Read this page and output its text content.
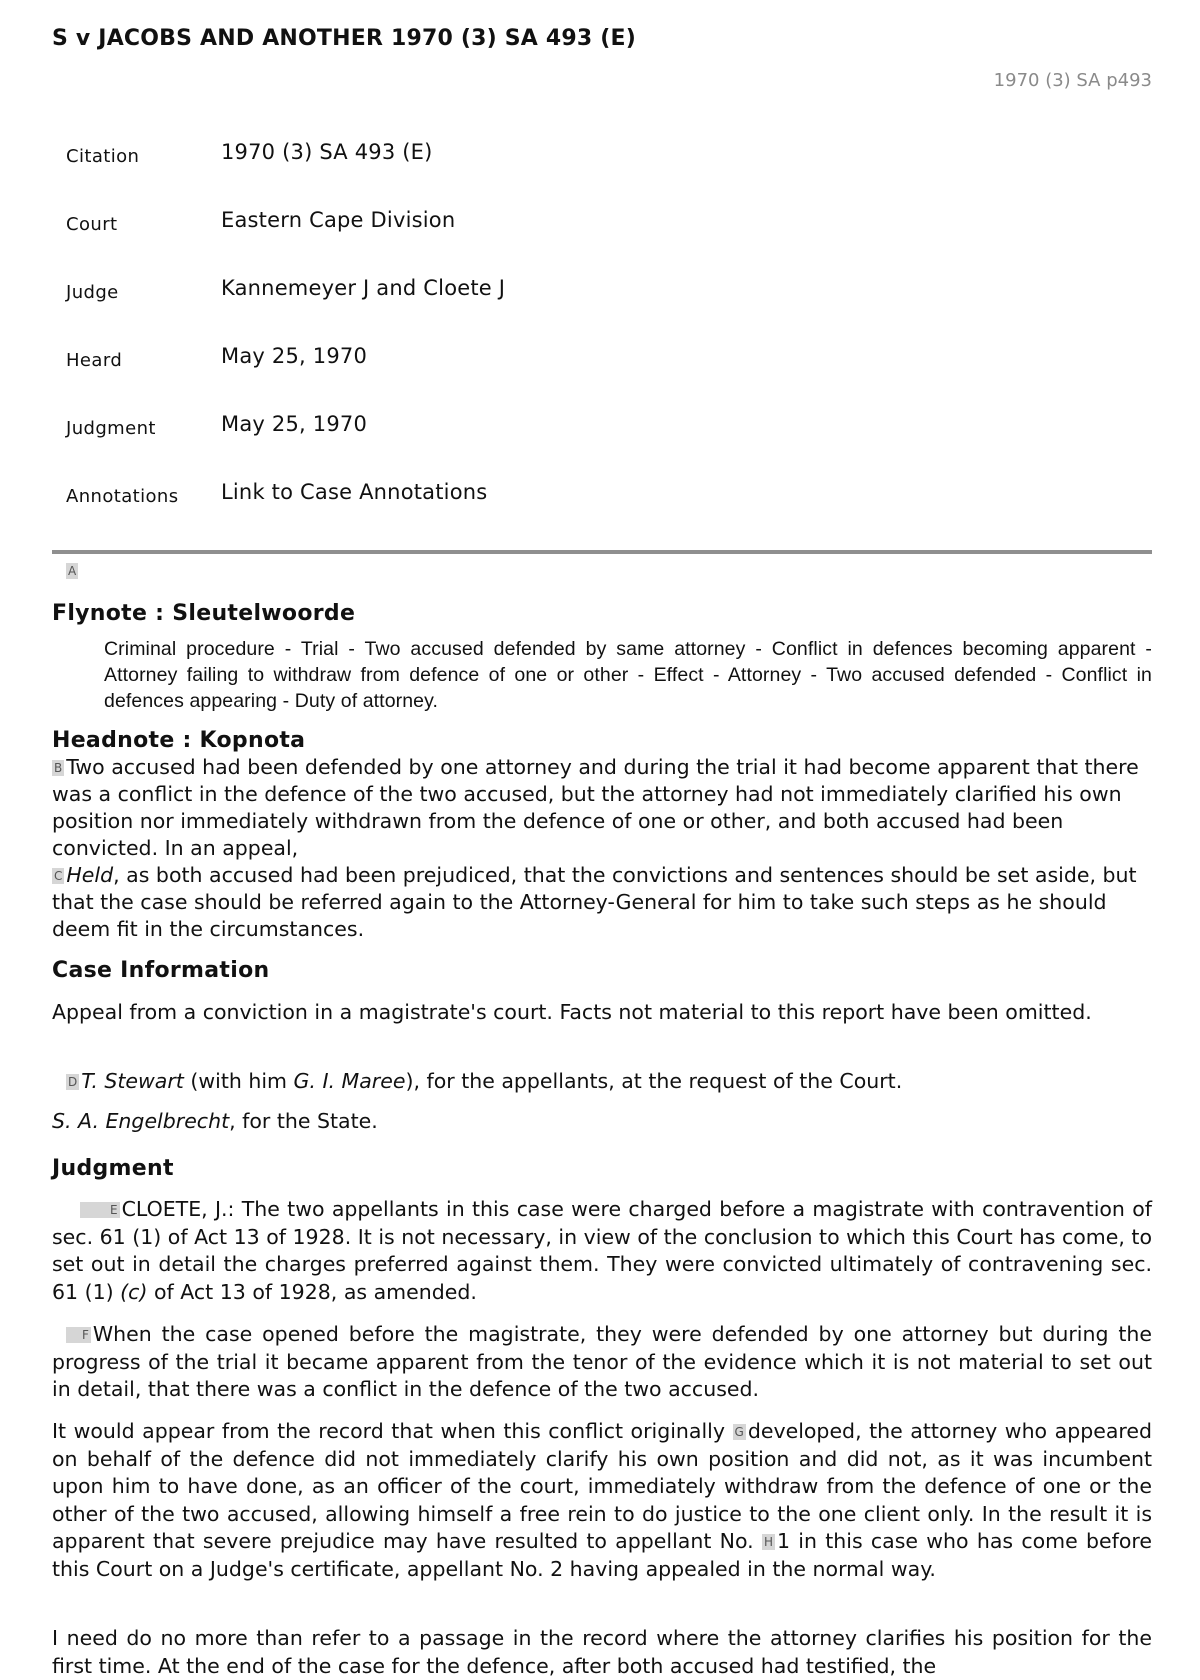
S v JACOBS AND ANOTHER 1970 (3) SA 493 (E)
1970 (3) SA p493
Citation	1970 (3) SA 493 (E)
Court	Eastern Cape Division
Judge	Kannemeyer J and Cloete J
Heard	May 25, 1970
Judgment	May 25, 1970
Annotations	Link to Case Annotations
A
Flynote : Sleutelwoorde
Criminal procedure - Trial - Two accused defended by same attorney - Conflict in defences becoming apparent - Attorney failing to withdraw from defence of one or other - Effect - Attorney - Two accused defended - Conflict in defences appearing - Duty of attorney.
Headnote : Kopnota
B Two accused had been defended by one attorney and during the trial it had become apparent that there was a conflict in the defence of the two accused, but the attorney had not immediately clarified his own position nor immediately withdrawn from the defence of one or other, and both accused had been convicted. In an appeal,
C Held, as both accused had been prejudiced, that the convictions and sentences should be set aside, but that the case should be referred again to the Attorney-General for him to take such steps as he should deem fit in the circumstances.
Case Information

Appeal from a conviction in a magistrate's court. Facts not material to this report have been omitted.

D T. Stewart (with him G. I. Maree), for the appellants, at the request of the Court.

S. A. Engelbrecht, for the State.

Judgment

E CLOETE, J.: The two appellants in this case were charged before a magistrate with contravention of sec. 61 (1) of Act 13 of 1928. It is not necessary, in view of the conclusion to which this Court has come, to set out in detail the charges preferred against them. They were convicted ultimately of contravening sec. 61 (1) (c) of Act 13 of 1928, as amended.

F When the case opened before the magistrate, they were defended by one attorney but during the progress of the trial it became apparent from the tenor of the evidence which it is not material to set out in detail, that there was a conflict in the defence of the two accused.

It would appear from the record that when this conflict originally G developed, the attorney who appeared on behalf of the defence did not immediately clarify his own position and did not, as it was incumbent upon him to have done, as an officer of the court, immediately withdraw from the defence of one or the other of the two accused, allowing himself a free rein to do justice to the one client only. In the result it is apparent that severe prejudice may have resulted to appellant No. H 1 in this case who has come before this Court on a Judge's certificate, appellant No. 2 having appealed in the normal way.

I need do no more than refer to a passage in the record where the attorney clarifies his position for the first time. At the end of the case for the defence, after both accused had testified, the
